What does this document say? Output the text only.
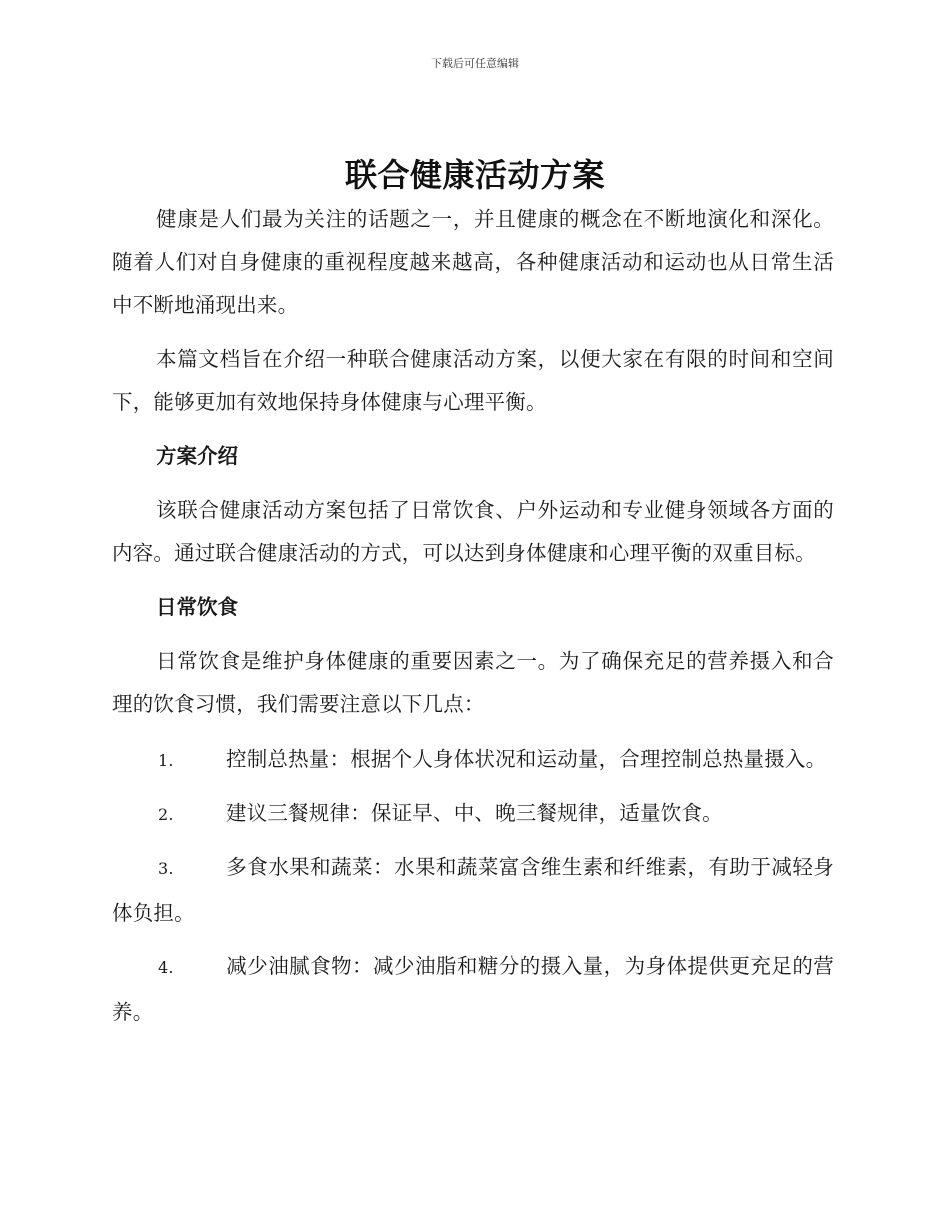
下载后可任意编辑
联合健康活动方案

健康是人们最为关注的话题之一，并且健康的概念在不断地演化和深化。随着人们对自身健康的重视程度越来越高，各种健康活动和运动也从日常生活中不断地涌现出来。

本篇文档旨在介绍一种联合健康活动方案，以便大家在有限的时间和空间下，能够更加有效地保持身体健康与心理平衡。

方案介绍

该联合健康活动方案包括了日常饮食、户外运动和专业健身领域各方面的内容。通过联合健康活动的方式，可以达到身体健康和心理平衡的双重目标。

日常饮食

日常饮食是维护身体健康的重要因素之一。为了确保充足的营养摄入和合理的饮食习惯，我们需要注意以下几点：

1.	控制总热量：根据个人身体状况和运动量，合理控制总热量摄入。
2.	建议三餐规律：保证早、中、晚三餐规律，适量饮食。
3.	多食水果和蔬菜：水果和蔬菜富含维生素和纤维素，有助于减轻身体负担。
4.	减少油腻食物：减少油脂和糖分的摄入量，为身体提供更充足的营养。
